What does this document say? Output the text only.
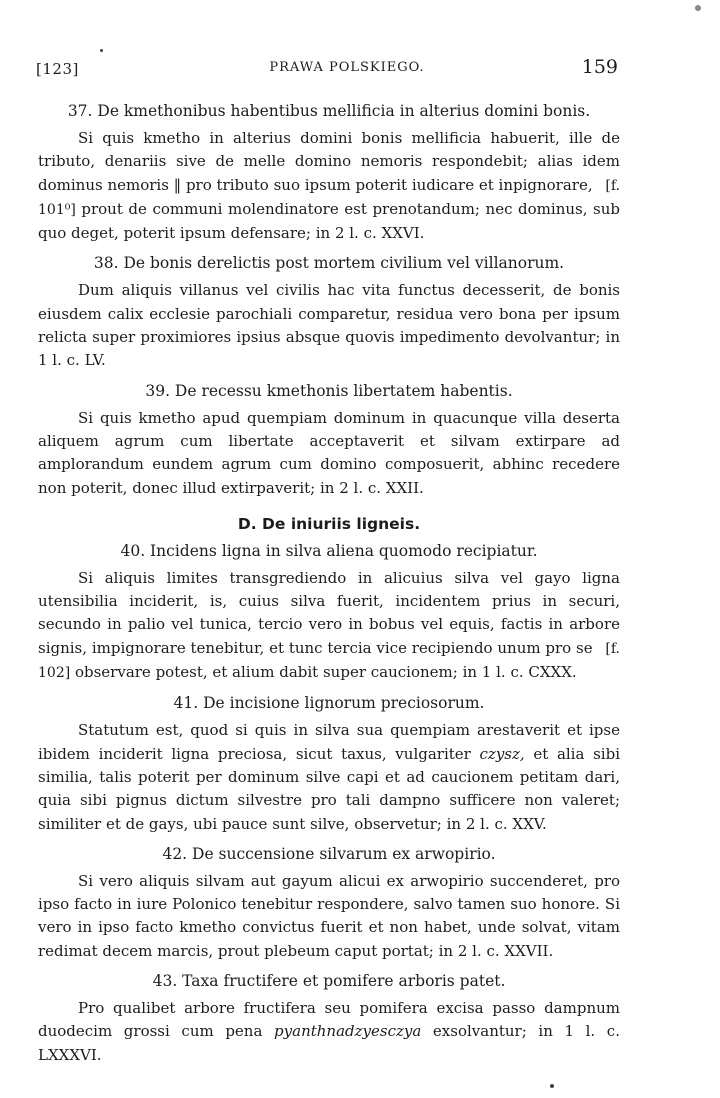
[123]	PRAWA POLSKIEGO.	159
37. De kmethonibus habentibus mellificia in alterius domini bonis.

Si quis kmetho in alterius domini bonis mellificia habuerit, ille de tributo, denariis sive de melle domino nemoris respondebit; alias idem dominus nemoris ‖ pro tributo suo ipsum poterit iudicare et inpignorare, [f. 101⁰] prout de communi molendinatore est prenotandum; nec dominus, sub quo deget, poterit ipsum defensare; in 2 l. c. XXVI.

38. De bonis derelictis post mortem civilium vel villanorum.

Dum aliquis villanus vel civilis hac vita functus decesserit, de bonis eiusdem calix ecclesie parochiali comparetur, residua vero bona per ipsum relicta super proximiores ipsius absque quovis impedimento devolvantur; in 1 l. c. LV.

39. De recessu kmethonis libertatem habentis.

Si quis kmetho apud quempiam dominum in quacunque villa deserta aliquem agrum cum libertate acceptaverit et silvam extirpare ad amplorandum eundem agrum cum domino composuerit, abhinc recedere non poterit, donec illud extirpaverit; in 2 l. c. XXII.

D. De iniuriis ligneis.
40. Incidens ligna in silva aliena quomodo recipiatur.

Si aliquis limites transgrediendo in alicuius silva vel gayo ligna utensibilia inciderit, is, cuius silva fuerit, incidentem prius in securi, secundo in palio vel tunica, tercio vero in bobus vel equis, factis in arbore signis, impignorare tenebitur, et tunc tercia vice recipiendo unum pro se [f. 102] observare potest, et alium dabit super caucionem; in 1 l. c. CXXX.

41. De incisione lignorum preciosorum.

Statutum est, quod si quis in silva sua quempiam arestaverit et ipse ibidem inciderit ligna preciosa, sicut taxus, vulgariter czysz, et alia sibi similia, talis poterit per dominum silve capi et ad caucionem petitam dari, quia sibi pignus dictum silvestre pro tali dampno sufficere non valeret; similiter et de gays, ubi pauce sunt silve, observetur; in 2 l. c. XXV.

42. De succensione silvarum ex arwopirio.

Si vero aliquis silvam aut gayum alicui ex arwopirio succenderet, pro ipso facto in iure Polonico tenebitur respondere, salvo tamen suo honore. Si vero in ipso facto kmetho convictus fuerit et non habet, unde solvat, vitam redimat decem marcis, prout plebeum caput portat; in 2 l. c. XXVII.

43. Taxa fructifere et pomifere arboris patet.

Pro qualibet arbore fructifera seu pomifera excisa passo dampnum duodecim grossi cum pena pyanthnadzyesczya exsolvantur; in 1 l. c. LXXXVI.
